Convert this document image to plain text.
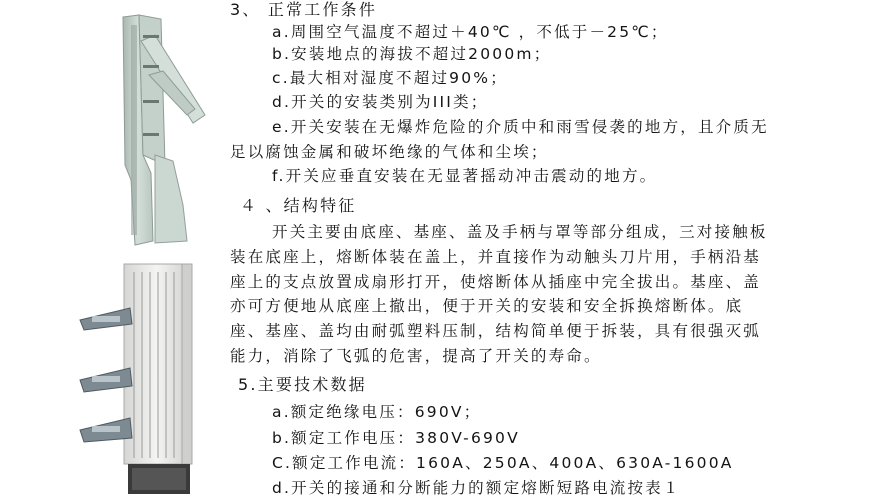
3、 正常工作条件
a.周围空气温度不超过＋40℃ ，不低于－25℃；
b.安装地点的海拔不超过2000m；
c.最大相对湿度不超过90%；
d.开关的安装类别为III类；
e.开关安装在无爆炸危险的介质中和雨雪侵袭的地方，且介质无
足以腐蚀金属和破坏绝缘的气体和尘埃；
f.开关应垂直安装在无显著摇动冲击震动的地方。
４ 、结构特征
开关主要由底座、基座、盖及手柄与罩等部分组成，三对接触板
装在底座上，熔断体装在盖上，并直接作为动触头刀片用，手柄沿基
座上的支点放置成扇形打开，使熔断体从插座中完全拔出。基座、盖
亦可方便地从底座上撤出，便于开关的安装和安全拆换熔断体。底
座、基座、盖均由耐弧塑料压制，结构简单便于拆装，具有很强灭弧
能力，消除了飞弧的危害，提高了开关的寿命。
5.主要技术数据
a.额定绝缘电压：690V；
b.额定工作电压：380V-690V
C.额定工作电流：160A、250A、400A、630A-1600A
d.开关的接通和分断能力的额定熔断短路电流按表１
